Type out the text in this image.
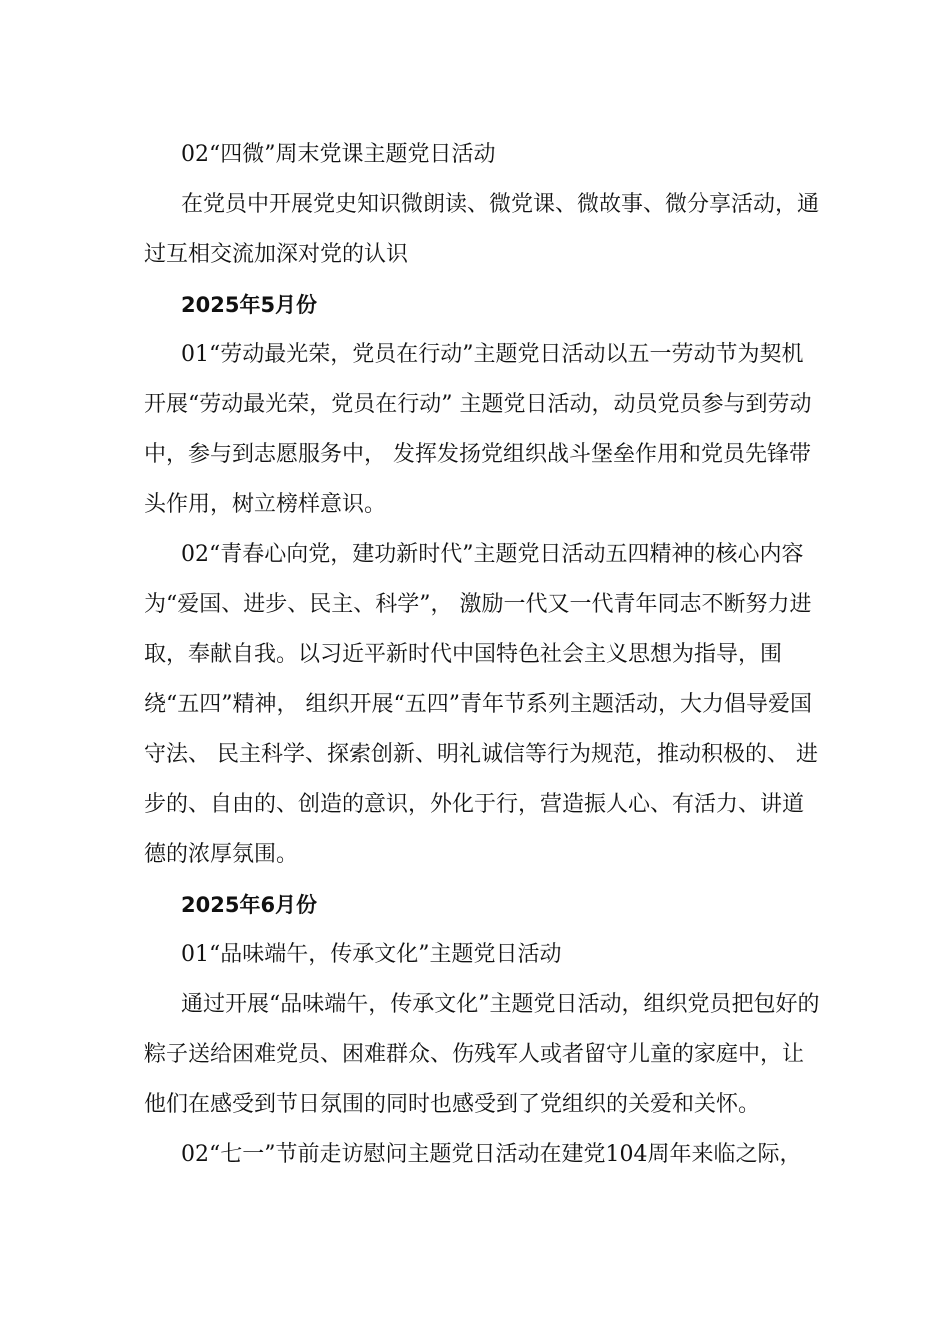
02“四微”周末党课主题党日活动

在党员中开展党史知识微朗读、微党课、微故事、微分享活动，通过互相交流加深对党的认识

2025年5月份

01“劳动最光荣，党员在行动”主题党日活动以五一劳动节为契机开展“劳动最光荣，党员在行动” 主题党日活动，动员党员参与到劳动中，参与到志愿服务中， 发挥发扬党组织战斗堡垒作用和党员先锋带头作用，树立榜样意识。

02“青春心向党，建功新时代”主题党日活动五四精神的核心内容为“爱国、进步、民主、科学”， 激励一代又一代青年同志不断努力进取，奉献自我。以习近平新时代中国特色社会主义思想为指导，围绕“五四”精神， 组织开展“五四”青年节系列主题活动，大力倡导爱国守法、 民主科学、探索创新、明礼诚信等行为规范，推动积极的、 进步的、自由的、创造的意识，外化于行，营造振人心、有活力、讲道德的浓厚氛围。

2025年6月份

01“品味端午，传承文化”主题党日活动

通过开展“品味端午，传承文化”主题党日活动，组织党员把包好的粽子送给困难党员、困难群众、伤残军人或者留守儿童的家庭中，让他们在感受到节日氛围的同时也感受到了党组织的关爱和关怀。

02“七一”节前走访慰问主题党日活动在建党104周年来临之际，
